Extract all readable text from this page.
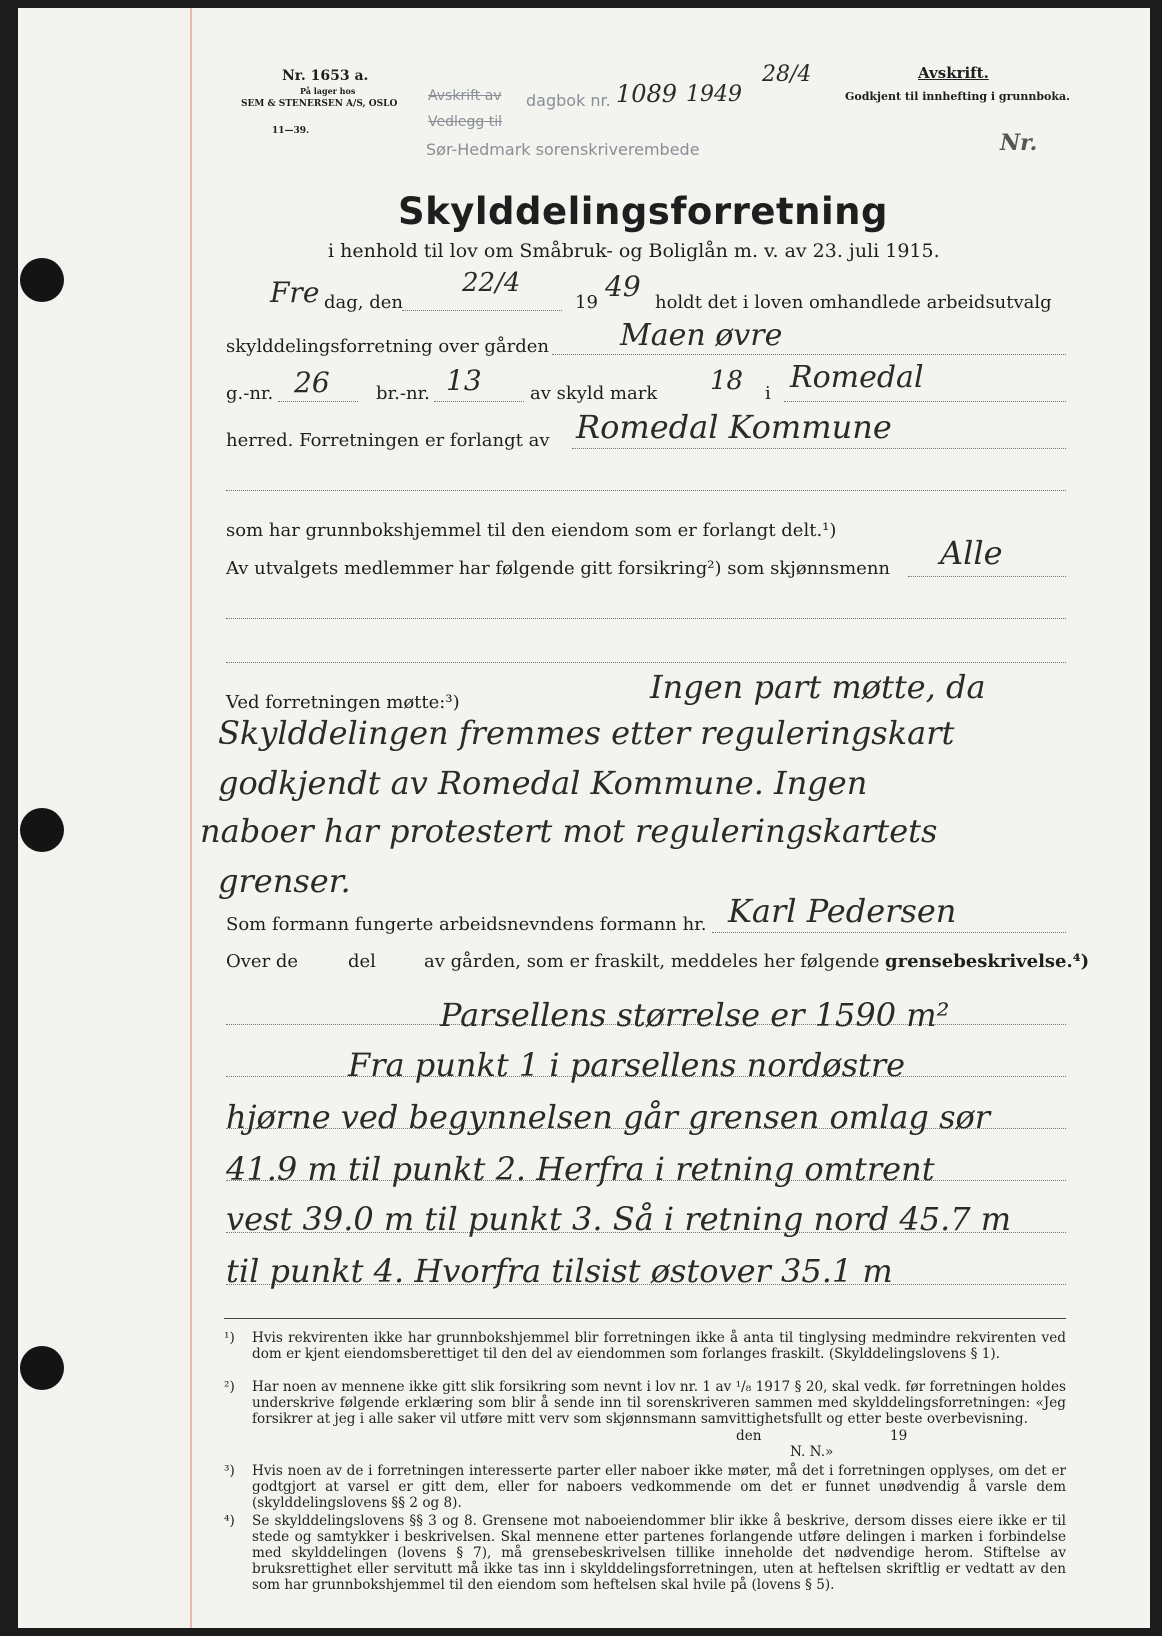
Nr. 1653 a.
På lager hos
SEM & STENERSEN A/S, OSLO
11—39.
Avskrift av dagbok nr.
Vedlegg til
Sør-Hedmark sorenskriverembede
1089 1949
28/4	Avskrift.
Godkjent til innhefting i grunnboka.
Nr.
Skylddelingsforretning
i henhold til lov om Småbruk- og Boliglån m. v. av 23. juli 1915.
Fre dag, den
22/4
19 49 holdt det i loven omhandlede arbeidsutvalg
skylddelingsforretning over gården Maen øvre
g.-nr. 26	br.-nr. 13	av skyld mark 18 i Romedal
herred. Forretningen er forlangt av Romedal Kommune
som har grunnbokshjemmel til den eiendom som er forlangt delt.¹)
Av utvalgets medlemmer har følgende gitt forsikring²) som skjønnsmenn Alle
Ved forretningen møtte:³)	Ingen part møtte, da
Skylddelingen fremmes etter reguleringskart
godkjendt av Romedal Kommune. Ingen
naboer har protestert mot reguleringskartets
grenser.
Som formann fungerte arbeidsnevndens formann hr. Karl Pedersen
Over de	del	av gården, som er fraskilt, meddeles her følgende grensebeskrivelse.⁴)
Parsellens størrelse er 1590 m²
Fra punkt 1 i parsellens nordøstre
hjørne ved begynnelsen går grensen omlag sør
41.9 m til punkt 2. Herfra i retning omtrent
vest 39.0 m til punkt 3. Så i retning nord 45.7 m
til punkt 4. Hvorfra tilsist østover 35.1 m
¹) Hvis rekvirenten ikke har grunnbokshjemmel blir forretningen ikke å anta til tinglysing medmindre rekvirenten ved dom er kjent eiendomsberettiget til den del av eiendommen som forlanges fraskilt. (Skylddelingslovens § 1).
²) Har noen av mennene ikke gitt slik forsikring som nevnt i lov nr. 1 av ¹/₈ 1917 § 20, skal vedk. før forretningen holdes underskrive følgende erklæring som blir å sende inn til sorenskriveren sammen med skylddelingsforretningen: «Jeg forsikrer at jeg i alle saker vil utføre mitt verv som skjønnsmann samvittighetsfullt og etter beste overbevisning.
den	19
N. N.»
³) Hvis noen av de i forretningen interesserte parter eller naboer ikke møter, må det i forretningen opplyses, om det er godtgjort at varsel er gitt dem, eller for naboers vedkommende om det er funnet unødvendig å varsle dem (skylddelingslovens §§ 2 og 8).
⁴) Se skylddelingslovens §§ 3 og 8. Grensene mot naboeiendommer blir ikke å beskrive, dersom disses eiere ikke er til stede og samtykker i beskrivelsen. Skal mennene etter partenes forlangende utføre delingen i marken i forbindelse med skylddelingen (lovens § 7), må grensebeskrivelsen tillike inneholde det nødvendige herom. Stiftelse av bruksrettighet eller servitutt må ikke tas inn i skylddelingsforretningen, uten at heftelsen skriftlig er vedtatt av den som har grunnbokshjemmel til den eiendom som heftelsen skal hvile på (lovens § 5).
